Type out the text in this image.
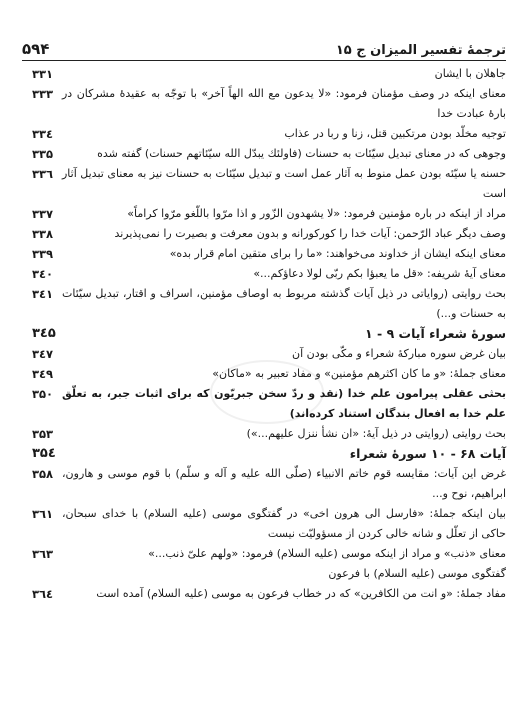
۵۹۴	ترجمهٔ تفسیر المیزان ج ۱۵
۳۳۱	جاهلان با ایشان
۳۳۳ معنای اینکه در وصف مؤمنان فرمود: «لا یدعون مع الله الهاً آخر» با توجّه به عقیدهٔ مشرکان در بارهٔ عبادت خدا
۳۳٤	توجیه مخلّد بودن مرتکبین قتل، زنا و ربا در عذاب
۳۳۵	وجوهی که در معنای تبدیل سیّئات به حسنات (فاولئك یبدّل الله سیّئاتهم حسنات) گفته شده
۳۳٦ حسنه یا سیّئه بودن عمل منوط به آثار عمل است و تبدیل سیّئات به حسنات نیز به معنای تبدیل آثار است
۳۳۷	مراد از اینکه در باره مؤمنین فرمود: «لا یشهدون الزّور و اذا مرّوا باللّغو مرّوا کراماً»
۳۳۸	وصف دیگر عباد الرّحمن: آیات خدا را کورکورانه و بدون معرفت و بصیرت را نمی‌پذیرند
۳۳۹	معنای اینکه ایشان از خداوند می‌خواهند: «ما را برای متقین امام قرار بده»
۳٤۰	معنای آیهٔ شریفه: «قل ما یعبؤا بکم ربّی لولا دعاؤکم...»
۳٤۱ بحث روایتی (روایاتی در ذیل آیات گذشته مربوط به اوصاف مؤمنین، اسراف و اقتار، تبدیل سیّئات به حسنات و...)
۳٤۵	سورهٔ شعراء آیات ۹ - ۱
۳٤۷	بیان غرض سوره مبارکهٔ شعراء و مکّی بودن آن
۳٤۹	معنای جملهٔ: «و ما کان اکثرهم مؤمنین» و مفاد تعبیر به «ماکان»
۳۵۰ بحثی عقلی پیرامون علم خدا (نقد و ردّ سخن جبریّون که برای اثبات جبر، به تعلّق علم خدا به افعال بندگان استناد کرده‌اند)
۳۵۳	بحث روایتی (روایتی در ذیل آیهٔ: «ان نشأ ننزل علیهم...»)
۳۵٤	آیات ۶۸ - ۱۰ سورهٔ شعراء
۳۵۸ غرض این آیات: مقایسه قوم خاتم الانبیاء (صلّی الله علیه و آله و سلّم) با قوم موسی و هارون، ابراهیم، نوح و...
۳٦۱ بیان اینکه جملهٔ: «فارسل الی هرون اخی» در گفتگوی موسی (علیه السلام) با خدای سبحان، حاکی از تعلّل و شانه خالی کردن از مسؤولیّت نیست
۳٦۳	معنای «ذنب» و مراد از اینکه موسی (علیه السلام) فرمود: «ولهم علیّ ذنب...»
گفتگوی موسی (علیه السلام) با فرعون
۳٦٤	مفاد جملهٔ: «و انت من الکافرین» که در خطاب فرعون به موسی (علیه السلام) آمده است
